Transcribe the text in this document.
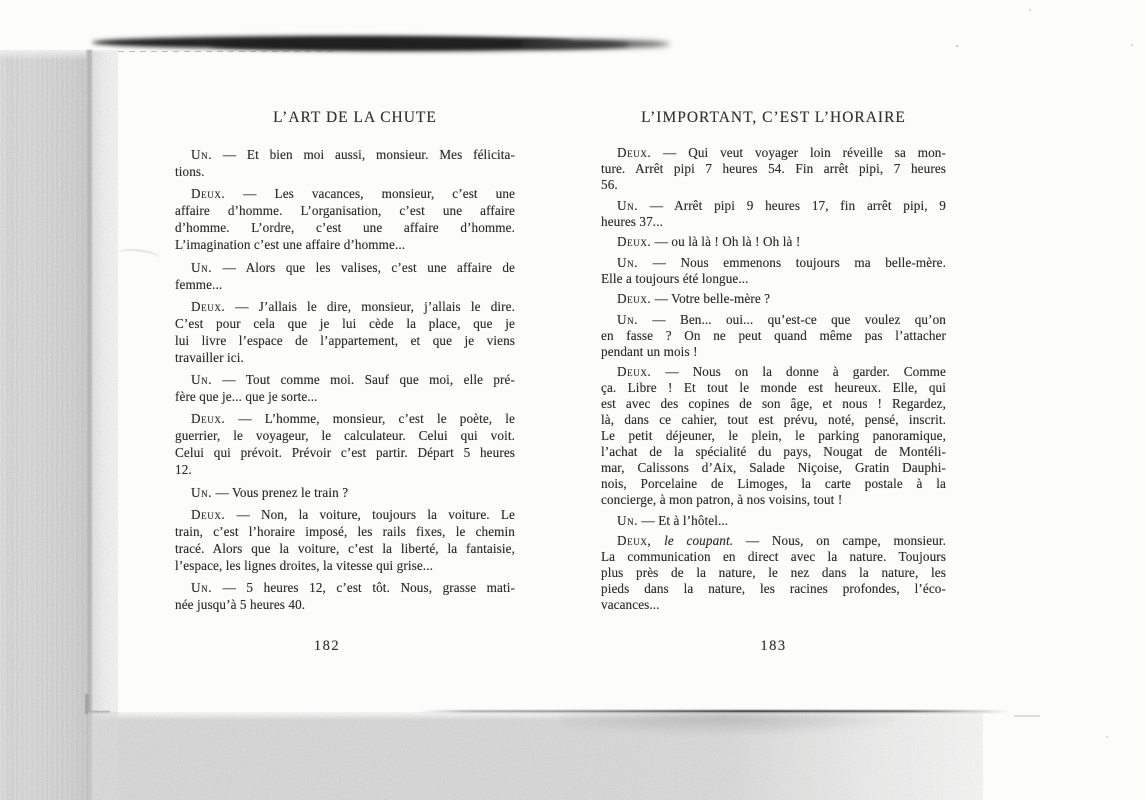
L’ART DE LA CHUTE
Un. — Et bien moi aussi, monsieur. Mes félicita-
tions.
Deux. — Les vacances, monsieur, c’est une
affaire d’homme. L’organisation, c’est une affaire
d’homme. L’ordre, c’est une affaire d’homme.
L’imagination c’est une affaire d’homme...
Un. — Alors que les valises, c’est une affaire de
femme...
Deux. — J’allais le dire, monsieur, j’allais le dire.
C’est pour cela que je lui cède la place, que je
lui livre l’espace de l’appartement, et que je viens
travailler ici.
Un. — Tout comme moi. Sauf que moi, elle pré-
fère que je... que je sorte...
Deux. — L’homme, monsieur, c’est le poète, le
guerrier, le voyageur, le calculateur. Celui qui voit.
Celui qui prévoit. Prévoir c’est partir. Départ 5 heures
12.
Un. — Vous prenez le train ?
Deux. — Non, la voiture, toujours la voiture. Le
train, c’est l’horaire imposé, les rails fixes, le chemin
tracé. Alors que la voiture, c’est la liberté, la fantaisie,
l’espace, les lignes droites, la vitesse qui grise...
Un. — 5 heures 12, c’est tôt. Nous, grasse mati-
née jusqu’à 5 heures 40.
182
L’IMPORTANT, C’EST L’HORAIRE
Deux. — Qui veut voyager loin réveille sa mon-
ture. Arrêt pipi 7 heures 54. Fin arrêt pipi, 7 heures
56.
Un. — Arrêt pipi 9 heures 17, fin arrêt pipi, 9
heures 37...
Deux. — ou là là ! Oh là ! Oh là !
Un. — Nous emmenons toujours ma belle-mère.
Elle a toujours été longue...
Deux. — Votre belle-mère ?
Un. — Ben... oui... qu’est-ce que voulez qu’on
en fasse ? On ne peut quand même pas l’attacher
pendant un mois !
Deux. — Nous on la donne à garder. Comme
ça. Libre ! Et tout le monde est heureux. Elle, qui
est avec des copines de son âge, et nous ! Regardez,
là, dans ce cahier, tout est prévu, noté, pensé, inscrit.
Le petit déjeuner, le plein, le parking panoramique,
l’achat de la spécialité du pays, Nougat de Montéli-
mar, Calissons d’Aix, Salade Niçoise, Gratin Dauphi-
nois, Porcelaine de Limoges, la carte postale à la
concierge, à mon patron, à nos voisins, tout !
Un. — Et à l’hôtel...
Deux, le coupant. — Nous, on campe, monsieur.
La communication en direct avec la nature. Toujours
plus près de la nature, le nez dans la nature, les
pieds dans la nature, les racines profondes, l’éco-
vacances...
183
